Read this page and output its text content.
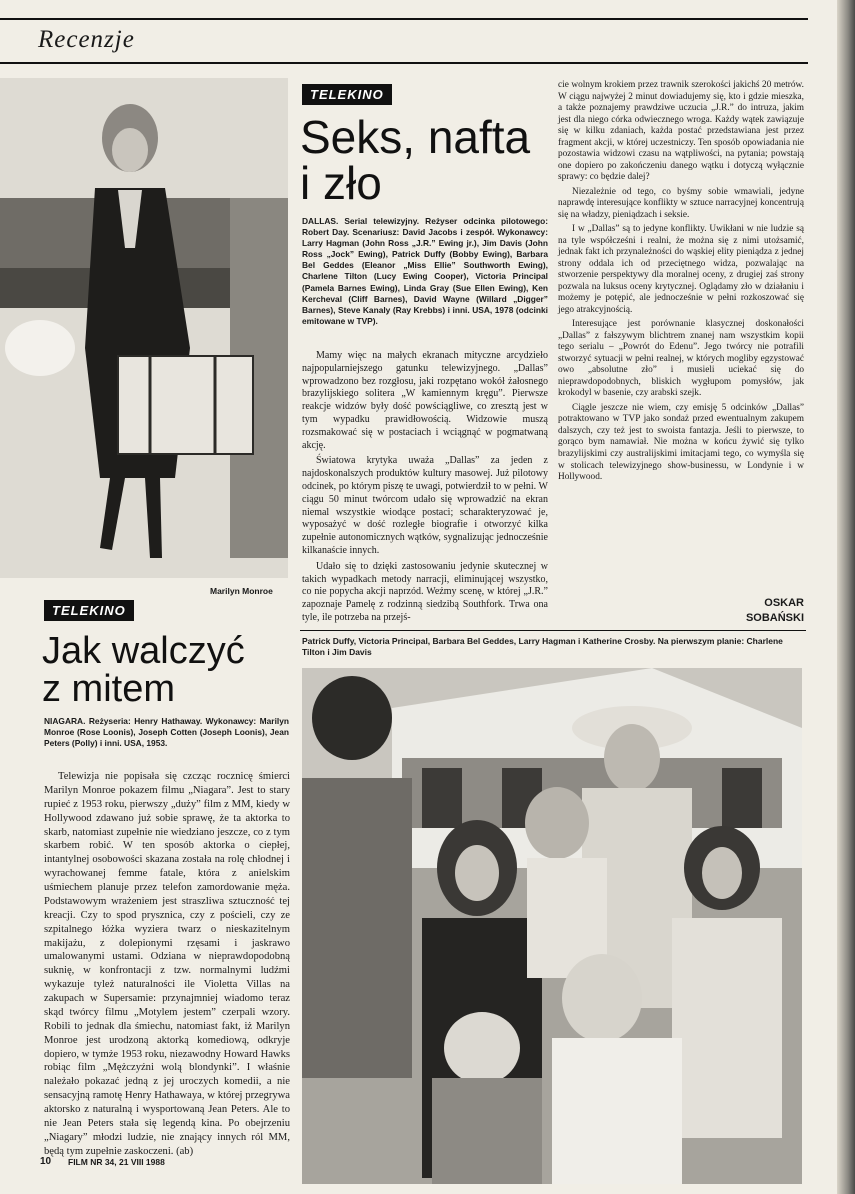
Recenzje
Marilyn Monroe
TELEKINO
Jak walczyć
z mitem
NIAGARA. Reżyseria: Henry Hathaway. Wykonawcy: Marilyn Monroe (Rose Loonis), Joseph Cotten (Joseph Loonis), Jean Peters (Polly) i inni. USA, 1953.

Telewizja nie popisała się czcząc rocznicę śmierci Marilyn Monroe pokazem filmu „Niagara”. Jest to stary rupieć z 1953 roku, pierwszy „duży” film z MM, kiedy w Hollywood zdawano już sobie sprawę, że ta aktorka to skarb, natomiast zupełnie nie wiedziano jeszcze, co z tym skarbem robić. W ten sposób aktorka o ciepłej, intantylnej osobowości skazana została na rolę chłodnej i wyrachowanej femme fatale, która z anielskim uśmiechem planuje przez telefon zamordowanie męża. Podstawowym wrażeniem jest straszliwa sztuczność tej kreacji. Czy to spod prysznica, czy z pościeli, czy ze szpitalnego łóżka wyziera twarz o nieskazitelnym makijażu, z dolepionymi rzęsami i jaskrawo umalowanymi ustami. Odziana w nieprawdopodobną suknię, w konfrontacji z tzw. normalnymi ludźmi wykazuje tyleż naturalności ile Violetta Villas na zakupach w Supersamie: przynajmniej wiadomo teraz skąd twórcy filmu „Motylem jestem” czerpali wzory. Robili to jednak dla śmiechu, natomiast fakt, iż Marilyn Monroe jest urodzoną aktorką komediową, odkryje dopiero, w tymże 1953 roku, niezawodny Howard Hawks robiąc film „Mężczyźni wolą blondynki”. I właśnie należało pokazać jedną z jej uroczych komedii, a nie sensacyjną ramotę Henry Hathawaya, w której przegrywa aktorsko z naturalną i wysportowaną Jean Peters. Ale to nie Jean Peters stała się legendą kina. Po obejrzeniu „Niagary” młodzi ludzie, nie znający innych ról MM, będą tym zupełnie zaskoczeni. (ab)

TELEKINO
Seks, nafta
i zło
DALLAS. Serial telewizyjny. Reżyser odcinka pilotowego: Robert Day. Scenariusz: David Jacobs i zespół. Wykonawcy: Larry Hagman (John Ross „J.R.” Ewing jr.), Jim Davis (John Ross „Jock” Ewing), Patrick Duffy (Bobby Ewing), Barbara Bel Geddes (Eleanor „Miss Ellie” Southworth Ewing), Charlene Tilton (Lucy Ewing Cooper), Victoria Principal (Pamela Barnes Ewing), Linda Gray (Sue Ellen Ewing), Ken Kercheval (Cliff Barnes), David Wayne (Willard „Digger” Barnes), Steve Kanaly (Ray Krebbs) i inni. USA, 1978 (odcinki emitowane w TVP).

Mamy więc na małych ekranach mityczne arcydzieło najpopularniejszego gatunku telewizyjnego. „Dallas” wprowadzono bez rozgłosu, jaki rozpętano wokół żałosnego brazylijskiego solitera „W kamiennym kręgu”. Pierwsze reakcje widzów były dość powściągliwe, co zresztą jest w tym wypadku prawidłowością. Widzowie muszą rozsmakować się w postaciach i wciągnąć w pogmatwaną akcję.

Światowa krytyka uważa „Dallas” za jeden z najdoskonalszych produktów kultury masowej. Już pilotowy odcinek, po którym piszę te uwagi, potwierdził to w pełni. W ciągu 50 minut twórcom udało się wprowadzić na ekran niemal wszystkie wiodące postaci; scharakteryzować je, wyposażyć w dość rozległe biografie i otworzyć kilka zupełnie autonomicznych wątków, sygnalizując jednocześnie kilkanaście innych.

Udało się to dzięki zastosowaniu jedynie skutecznej w takich wypadkach metody narracji, eliminującej wszystko, co nie popycha akcji naprzód. Weźmy scenę, w której „J.R.” zapoznaje Pamelę z rodzinną siedzibą Southfork. Trwa ona tyle, ile potrzeba na przejś-

cie wolnym krokiem przez trawnik szerokości jakichś 20 metrów. W ciągu najwyżej 2 minut dowiadujemy się, kto i gdzie mieszka, a także poznajemy prawdziwe uczucia „J.R.” do intruza, jakim jest dla niego córka odwiecznego wroga. Każdy wątek zawiązuje się w kilku zdaniach, każda postać przedstawiana jest przez fragment akcji, w której uczestniczy. Ten sposób opowiadania nie pozostawia widzowi czasu na wątpliwości, na pytania; powstają one dopiero po zakończeniu danego wątku i dotyczą wyłącznie sprawy: co będzie dalej?

Niezależnie od tego, co byśmy sobie wmawiali, jedyne naprawdę interesujące konflikty w sztuce narracyjnej koncentrują się na władzy, pieniądzach i seksie.

I w „Dallas” są to jedyne konflikty. Uwikłani w nie ludzie są na tyle współcześni i realni, że można się z nimi utożsamić, jednak fakt ich przynależności do wąskiej elity pieniądza z jednej strony oddala ich od przeciętnego widza, pozwalając na stworzenie perspektywy dla moralnej oceny, z drugiej zaś strony pozwala na luksus oceny krytycznej. Oglądamy zło w działaniu i możemy je potępić, ale jednocześnie w pełni rozkoszować się jego atrakcyjnością.

Interesujące jest porównanie klasycznej doskonałości „Dallas” z fałszywym blichtrem znanej nam wszystkim kopii tego serialu – „Powrót do Edenu”. Jego twórcy nie potrafili stworzyć sytuacji w pełni realnej, w których mogliby egzystować owo „absolutne zło” i musieli uciekać się do nieprawdopodobnych, bliskich wygłupom pomysłów, jak krokodyl w basenie, czy arabski szejk.

Ciągle jeszcze nie wiem, czy emisję 5 odcinków „Dallas” potraktowano w TVP jako sondaż przed ewentualnym zakupem dalszych, czy też jest to swoista fantazja. Jeśli to pierwsze, to gorąco bym namawiał. Nie można w końcu żywić się tylko brazylijskimi czy australijskimi imitacjami tego, co wymyśla się w stolicach telewizyjnego show-businessu, w Londynie i w Hollywood.

OSKAR
SOBAŃSKI
Patrick Duffy, Victoria Principal, Barbara Bel Geddes, Larry Hagman i Katherine Crosby. Na pierwszym planie: Charlene Tilton i Jim Davis
10 FILM NR 34, 21 VIII 1988
